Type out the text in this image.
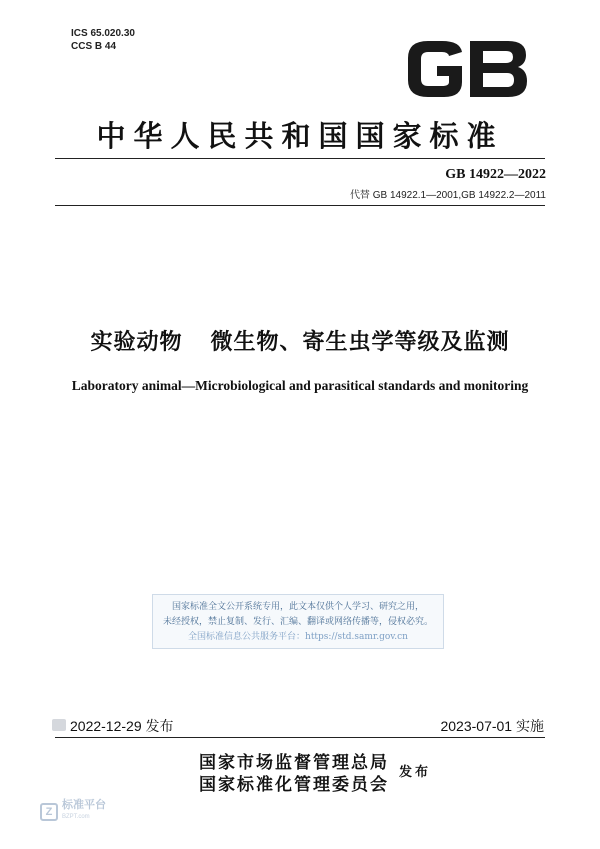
ICS 65.020.30
CCS B 44
中华人民共和国国家标准
GB 14922—2022
代替 GB 14922.1—2001,GB 14922.2—2011
实验动物 微生物、寄生虫学等级及监测
Laboratory animal—Microbiological and parasitical standards and monitoring
国家标准全文公开系统专用，此文本仅供个人学习、研究之用，
未经授权，禁止复制、发行、汇编、翻译或网络传播等，侵权必究。
全国标准信息公共服务平台：https://std.samr.gov.cn
2022-12-29 发布	2023-07-01 实施
国家市场监督管理总局
国家标准化管理委员会
发布
Z
标准平台
BZPT.com
